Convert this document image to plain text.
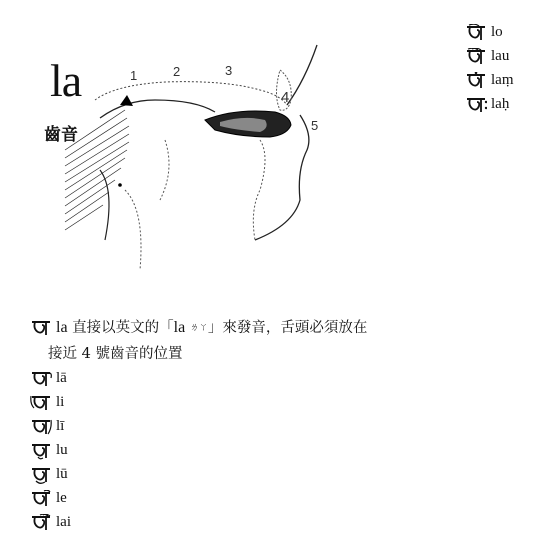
la
齒音
1	2	3
4
5
lo
lau
laṃ
laḥ
la 直接以英文的「la ㄌㄚ」來發音，舌頭必須放在
接近 4 號齒音的位置
lā
li
lī
lu
lū
le
lai
